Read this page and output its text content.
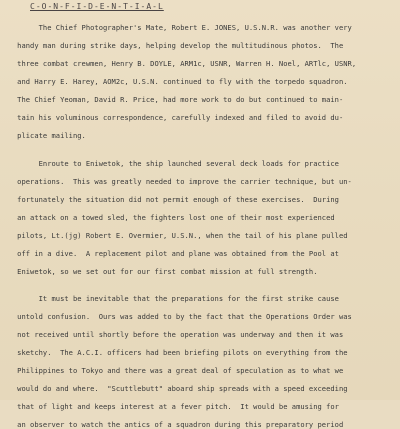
C-O-N-F-I-D-E-N-T-I-A-L
The Chief Photographer's Mate, Robert E. JONES, U.S.N.R. was another very
handy man during strike days, helping develop the multitudinous photos.  The
three combat crewmen, Henry B. DOYLE, ARM1c, USNR, Warren H. Noel, ARTlc, USNR,
and Harry E. Harey, AOM2c, U.S.N. continued to fly with the torpedo squadron.
The Chief Yeoman, David R. Price, had more work to do but continued to main-
tain his voluminous correspondence, carefully indexed and filed to avoid du-
plicate mailing.
Enroute to Eniwetok, the ship launched several deck loads for practice
operations.  This was greatly needed to improve the carrier technique, but un-
fortunately the situation did not permit enough of these exercises.  During
an attack on a towed sled, the fighters lost one of their most experienced
pilots, Lt.(jg) Robert E. Overmier, U.S.N., when the tail of his plane pulled
off in a dive.  A replacement pilot and plane was obtained from the Pool at
Eniwetok, so we set out for our first combat mission at full strength.
It must be inevitable that the preparations for the first strike cause
untold confusion.  Ours was added to by the fact that the Operations Order was
not received until shortly before the operation was underway and then it was
sketchy.  The A.C.I. officers had been briefing pilots on everything from the
Philippines to Tokyo and there was a great deal of speculation as to what we
would do and where.  "Scuttlebutt" aboard ship spreads with a speed exceeding
that of light and keeps interest at a fever pitch.  It would be amusing for
an observer to watch the antics of a squadron during this preparatory period
